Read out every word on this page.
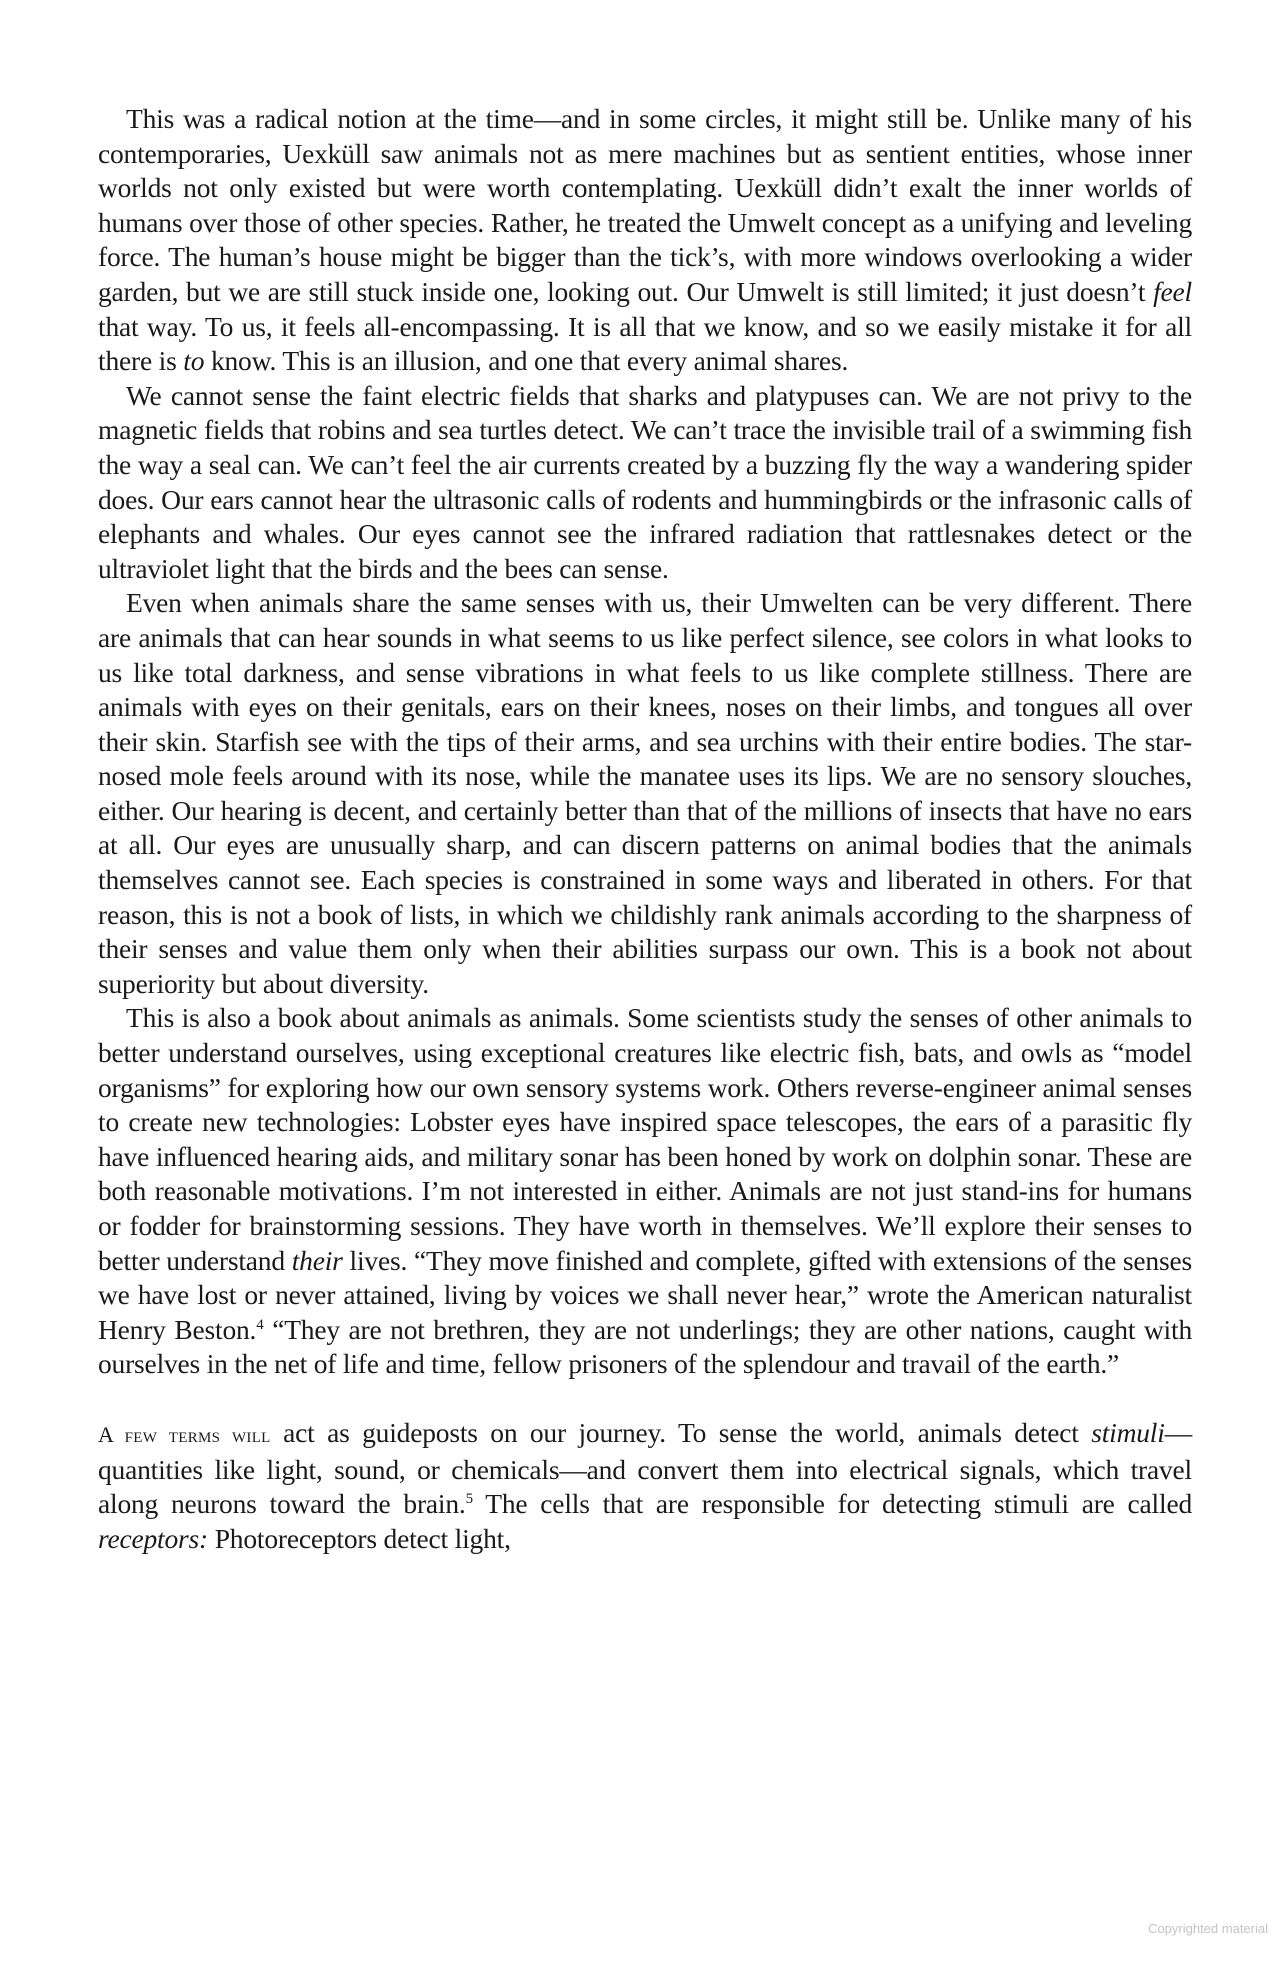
This was a radical notion at the time—and in some circles, it might still be. Unlike many of his contemporaries, Uexküll saw animals not as mere machines but as sentient entities, whose inner worlds not only existed but were worth contemplating. Uexküll didn’t exalt the inner worlds of humans over those of other species. Rather, he treated the Umwelt concept as a unifying and leveling force. The human’s house might be bigger than the tick’s, with more windows overlooking a wider garden, but we are still stuck inside one, looking out. Our Umwelt is still limited; it just doesn’t feel that way. To us, it feels all-encompassing. It is all that we know, and so we easily mistake it for all there is to know. This is an illusion, and one that every animal shares.

We cannot sense the faint electric fields that sharks and platypuses can. We are not privy to the magnetic fields that robins and sea turtles detect. We can’t trace the invisible trail of a swimming fish the way a seal can. We can’t feel the air currents created by a buzzing fly the way a wandering spider does. Our ears cannot hear the ultrasonic calls of rodents and hummingbirds or the infrasonic calls of elephants and whales. Our eyes cannot see the infrared radiation that rattlesnakes detect or the ultraviolet light that the birds and the bees can sense.

Even when animals share the same senses with us, their Umwelten can be very different. There are animals that can hear sounds in what seems to us like perfect silence, see colors in what looks to us like total darkness, and sense vibrations in what feels to us like complete stillness. There are animals with eyes on their genitals, ears on their knees, noses on their limbs, and tongues all over their skin. Starfish see with the tips of their arms, and sea urchins with their entire bodies. The star-nosed mole feels around with its nose, while the manatee uses its lips. We are no sensory slouches, either. Our hearing is decent, and certainly better than that of the millions of insects that have no ears at all. Our eyes are unusually sharp, and can discern patterns on animal bodies that the animals themselves cannot see. Each species is constrained in some ways and liberated in others. For that reason, this is not a book of lists, in which we childishly rank animals according to the sharpness of their senses and value them only when their abilities surpass our own. This is a book not about superiority but about diversity.

This is also a book about animals as animals. Some scientists study the senses of other animals to better understand ourselves, using exceptional creatures like electric fish, bats, and owls as “model organisms” for exploring how our own sensory systems work. Others reverse-engineer animal senses to create new technologies: Lobster eyes have inspired space telescopes, the ears of a parasitic fly have influenced hearing aids, and military sonar has been honed by work on dolphin sonar. These are both reasonable motivations. I’m not interested in either. Animals are not just stand-ins for humans or fodder for brainstorming sessions. They have worth in themselves. We’ll explore their senses to better understand their lives. “They move finished and complete, gifted with extensions of the senses we have lost or never attained, living by voices we shall never hear,” wrote the American naturalist Henry Beston.$^4$ “They are not brethren, they are not underlings; they are other nations, caught with ourselves in the net of life and time, fellow prisoners of the splendour and travail of the earth.”

A few terms will act as guideposts on our journey. To sense the world, animals detect stimuli—quantities like light, sound, or chemicals—and convert them into electrical signals, which travel along neurons toward the brain.$^5$ The cells that are responsible for detecting stimuli are called receptors: Photoreceptors detect light,

Copyrighted material
